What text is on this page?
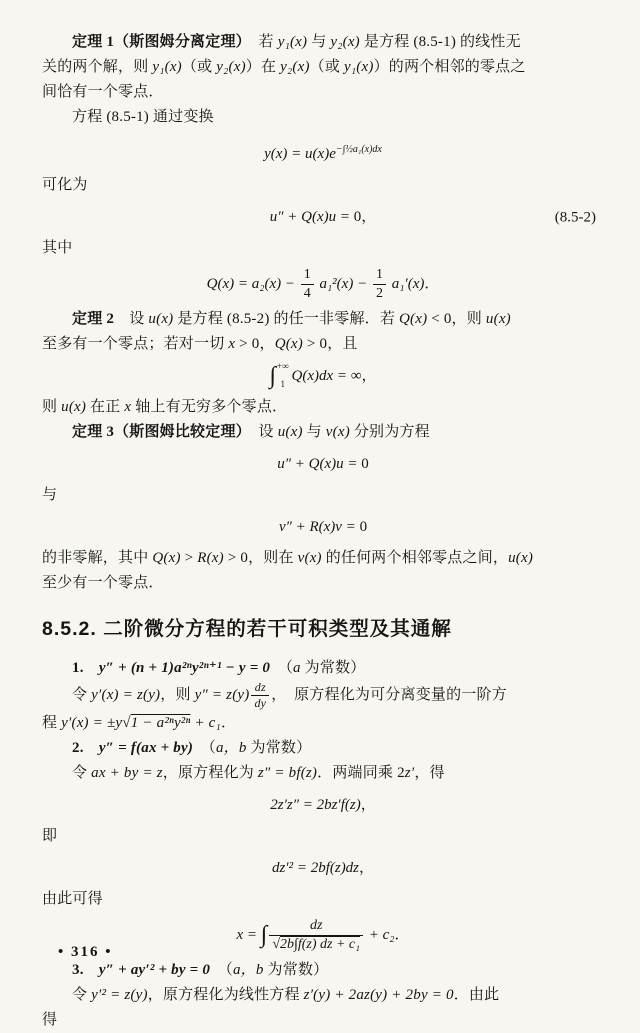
定理 1（斯图姆分离定理）　若 y₁(x) 与 y₂(x) 是方程 (8.5-1) 的线性无
关的两个解，则 y₁(x)（或 y₂(x)）在 y₂(x)（或 y₁(x)）的两个相邻的零点之
间恰有一个零点．
方程 (8.5-1) 通过变换
$y(x) = u(x)e^{-\int\frac{1}{2}a_1(x)dx}$
可化为
u″ + Q(x)u = 0，	(8.5-2)
其中
$Q(x) = a_2(x) - \frac{1}{4} a_1^2(x) - \frac{1}{2} a_1'(x)$．
定理 2　设 u(x) 是方程 (8.5-2) 的任一非零解．若 Q(x) < 0，则 u(x)
至多有一个零点；若对一切 x > 0，Q(x) > 0，且
∫ +∞
1
Q(x)dx = ∞，
则 u(x) 在正 x 轴上有无穷多个零点．
定理 3（斯图姆比较定理）　设 u(x) 与 v(x) 分别为方程
u″ + Q(x)u = 0
与
v″ + R(x)v = 0
的非零解，其中 Q(x) > R(x) > 0，则在 v(x) 的任何两个相邻零点之间，u(x)
至少有一个零点．
8.5.2. 二阶微分方程的若干可积类型及其通解
1.　y″ + (n + 1)a²ⁿy²ⁿ⁺¹ − y = 0　（a 为常数）
令 y′(x) = z(y)，则 $y'' = z(y) \frac{dz}{dy}$ ，　原方程化为可分离变量的一阶方
程 y′(x) = ±y√1 − a²ⁿy²ⁿ + c₁．
2.　y″ = f(ax + by)　（a，b 为常数）
令 ax + by = z，原方程化为 z″ = bf(z)．两端同乘 2z′，得
2z′z″ = 2bz′f(z)，
即
dz′² = 2bf(z)dz，
由此可得
x = ∫ $\frac{dz}{\text{√2b∫f(z) dz + c₁}} + c_2$．
3.　y″ + ay′² + by = 0　（a，b 为常数）
令 y′² = z(y)，原方程化为线性方程 z′(y) + 2az(y) + 2by = 0．由此
得
• 316 •
